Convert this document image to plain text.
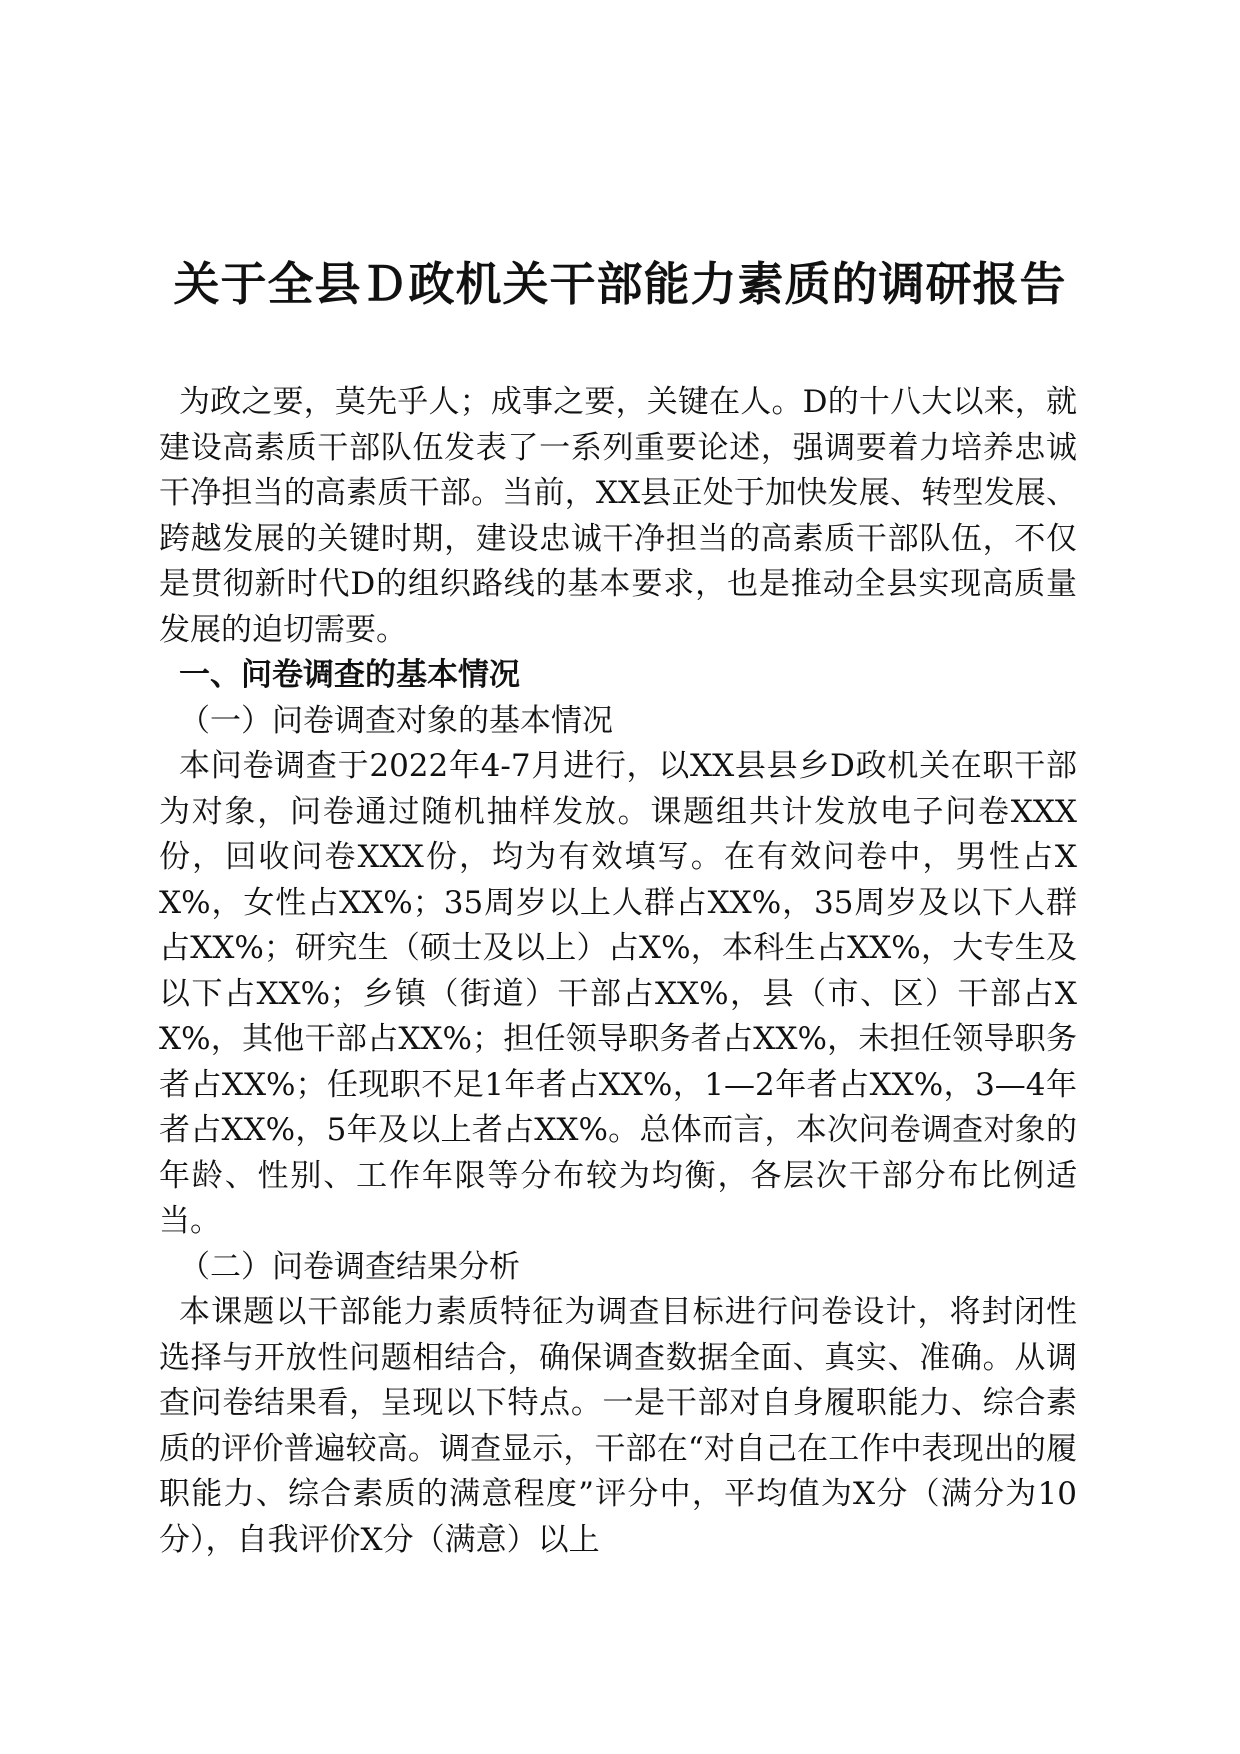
关于全县Ｄ政机关干部能力素质的调研报告

为政之要，莫先乎人；成事之要，关键在人。D的十八大以来，就建设高素质干部队伍发表了一系列重要论述，强调要着力培养忠诚干净担当的高素质干部。当前，XX县正处于加快发展、转型发展、跨越发展的关键时期，建设忠诚干净担当的高素质干部队伍，不仅是贯彻新时代D的组织路线的基本要求，也是推动全县实现高质量发展的迫切需要。

一、问卷调查的基本情况

（一）问卷调查对象的基本情况

本问卷调查于2022年4-7月进行，以XX县县乡D政机关在职干部为对象，问卷通过随机抽样发放。课题组共计发放电子问卷XXX份，回收问卷XXX份，均为有效填写。在有效问卷中，男性占XX%，女性占XX%；35周岁以上人群占XX%，35周岁及以下人群占XX%；研究生（硕士及以上）占X%，本科生占XX%，大专生及以下占XX%；乡镇（街道）干部占XX%，县（市、区）干部占XX%，其他干部占XX%；担任领导职务者占XX%，未担任领导职务者占XX%；任现职不足1年者占XX%，1—2年者占XX%，3—4年者占XX%，5年及以上者占XX%。总体而言，本次问卷调查对象的年龄、性别、工作年限等分布较为均衡，各层次干部分布比例适当。

（二）问卷调查结果分析

本课题以干部能力素质特征为调查目标进行问卷设计，将封闭性选择与开放性问题相结合，确保调查数据全面、真实、准确。从调查问卷结果看，呈现以下特点。一是干部对自身履职能力、综合素质的评价普遍较高。调查显示，干部在“对自己在工作中表现出的履职能力、综合素质的满意程度”评分中，平均值为X分（满分为10分），自我评价X分（满意）以上
